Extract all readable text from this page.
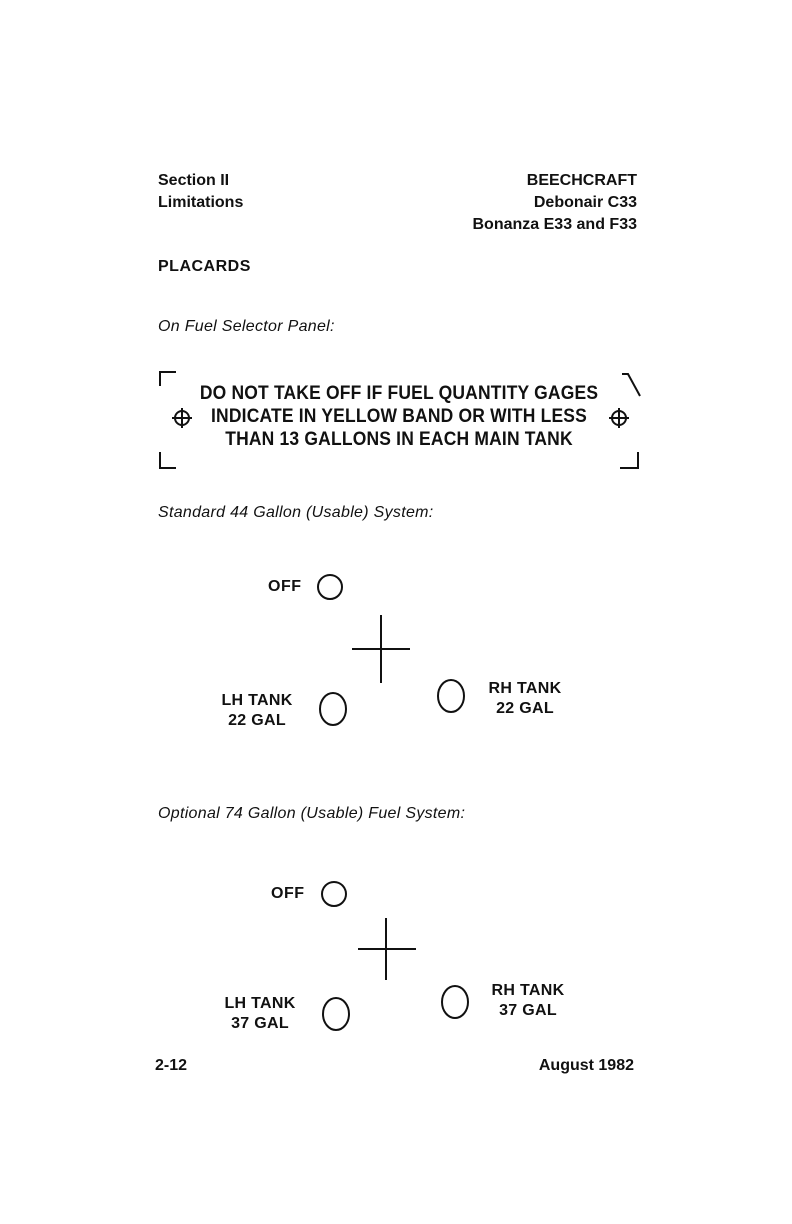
Section II
Limitations
BEECHCRAFT
Debonair C33
Bonanza E33 and F33
PLACARDS
On Fuel Selector Panel:
DO NOT TAKE OFF IF FUEL QUANTITY GAGES
INDICATE IN YELLOW BAND OR WITH LESS
THAN 13 GALLONS IN EACH MAIN TANK
Standard 44 Gallon (Usable) System:
OFF
LH TANK
22 GAL
RH TANK
22 GAL
Optional 74 Gallon (Usable) Fuel System:
OFF
LH TANK
37 GAL
RH TANK
37 GAL
2-12	August 1982
